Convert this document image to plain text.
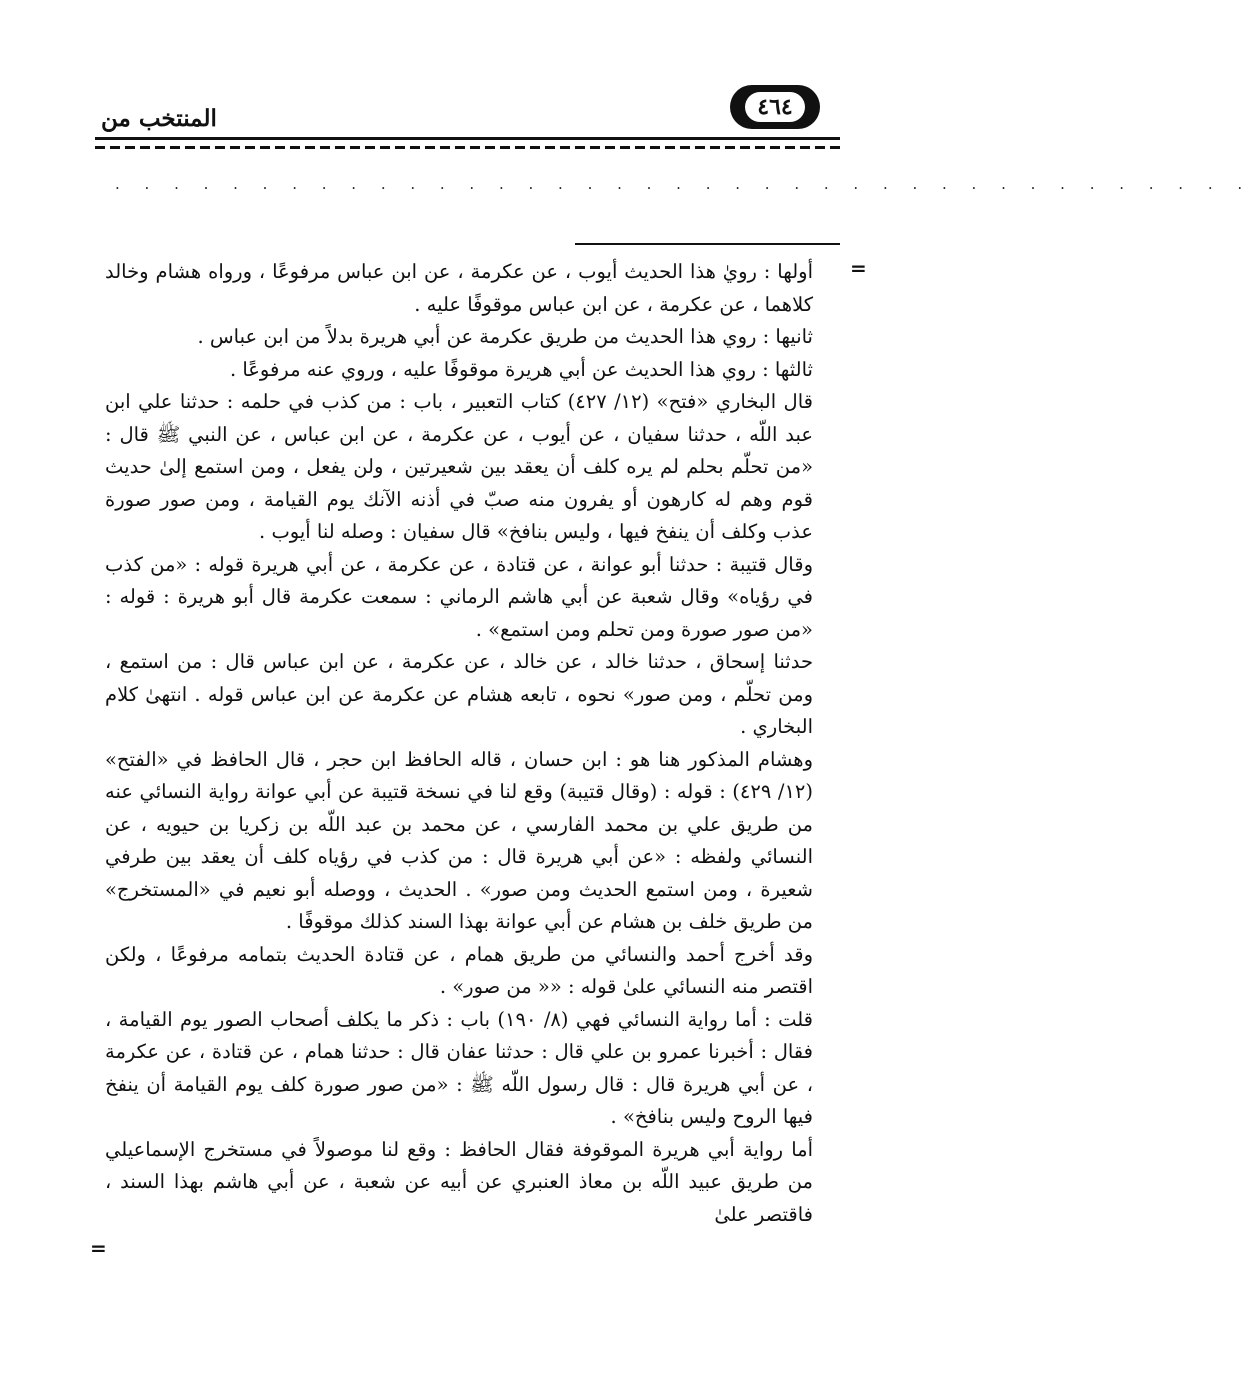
٤٦٤
المنتخب من
. . . . . . . . . . . . . . . . . . . . . . . . . . . . . . . . . . . . . . .
=

أولها : رويٰ هذا الحديث أيوب ، عن عكرمة ، عن ابن عباس مرفوعًا ، ورواه هشام وخالد كلاهما ، عن عكرمة ، عن ابن عباس موقوفًا عليه .

ثانيها : روي هذا الحديث من طريق عكرمة عن أبي هريرة بدلاً من ابن عباس .

ثالثها : روي هذا الحديث عن أبي هريرة موقوفًا عليه ، وروي عنه مرفوعًا .

قال البخاري «فتح» (١٢/ ٤٢٧) كتاب التعبير ، باب : من كذب في حلمه : حدثنا علي ابن عبد اللّه ، حدثنا سفيان ، عن أيوب ، عن عكرمة ، عن ابن عباس ، عن النبي ﷺ قال : «من تحلّم بحلم لم يره كلف أن يعقد بين شعيرتين ، ولن يفعل ، ومن استمع إلىٰ حديث قوم وهم له كارهون أو يفرون منه صبّ في أذنه الآنك يوم القيامة ، ومن صور صورة عذب وكلف أن ينفخ فيها ، وليس بنافخ» قال سفيان : وصله لنا أيوب .

وقال قتيبة : حدثنا أبو عوانة ، عن قتادة ، عن عكرمة ، عن أبي هريرة قوله : «من كذب في رؤياه» وقال شعبة عن أبي هاشم الرماني : سمعت عكرمة قال أبو هريرة : قوله : «من صور صورة ومن تحلم ومن استمع» .

حدثنا إسحاق ، حدثنا خالد ، عن خالد ، عن عكرمة ، عن ابن عباس قال : من استمع ، ومن تحلّم ، ومن صور» نحوه ، تابعه هشام عن عكرمة عن ابن عباس قوله . انتهىٰ كلام البخاري .

وهشام المذكور هنا هو : ابن حسان ، قاله الحافظ ابن حجر ، قال الحافظ في «الفتح» (١٢/ ٤٢٩) : قوله : (وقال قتيبة) وقع لنا في نسخة قتيبة عن أبي عوانة رواية النسائي عنه من طريق علي بن محمد الفارسي ، عن محمد بن عبد اللّه بن زكريا بن حيويه ، عن النسائي ولفظه : «عن أبي هريرة قال : من كذب في رؤياه كلف أن يعقد بين طرفي شعيرة ، ومن استمع الحديث ومن صور» . الحديث ، ووصله أبو نعيم في «المستخرج» من طريق خلف بن هشام عن أبي عوانة بهذا السند كذلك موقوفًا .

وقد أخرج أحمد والنسائي من طريق همام ، عن قتادة الحديث بتمامه مرفوعًا ، ولكن اقتصر منه النسائي علىٰ قوله : «« من صور» .

قلت : أما رواية النسائي فهي (٨/ ١٩٠) باب : ذكر ما يكلف أصحاب الصور يوم القيامة ، فقال : أخبرنا عمرو بن علي قال : حدثنا عفان قال : حدثنا همام ، عن قتادة ، عن عكرمة ، عن أبي هريرة قال : قال رسول اللّه ﷺ : «من صور صورة كلف يوم القيامة أن ينفخ فيها الروح وليس بنافخ» .

أما رواية أبي هريرة الموقوفة فقال الحافظ : وقع لنا موصولاً في مستخرج الإسماعيلي من طريق عبيد اللّه بن معاذ العنبري عن أبيه عن شعبة ، عن أبي هاشم بهذا السند ، فاقتصر علىٰ

=
